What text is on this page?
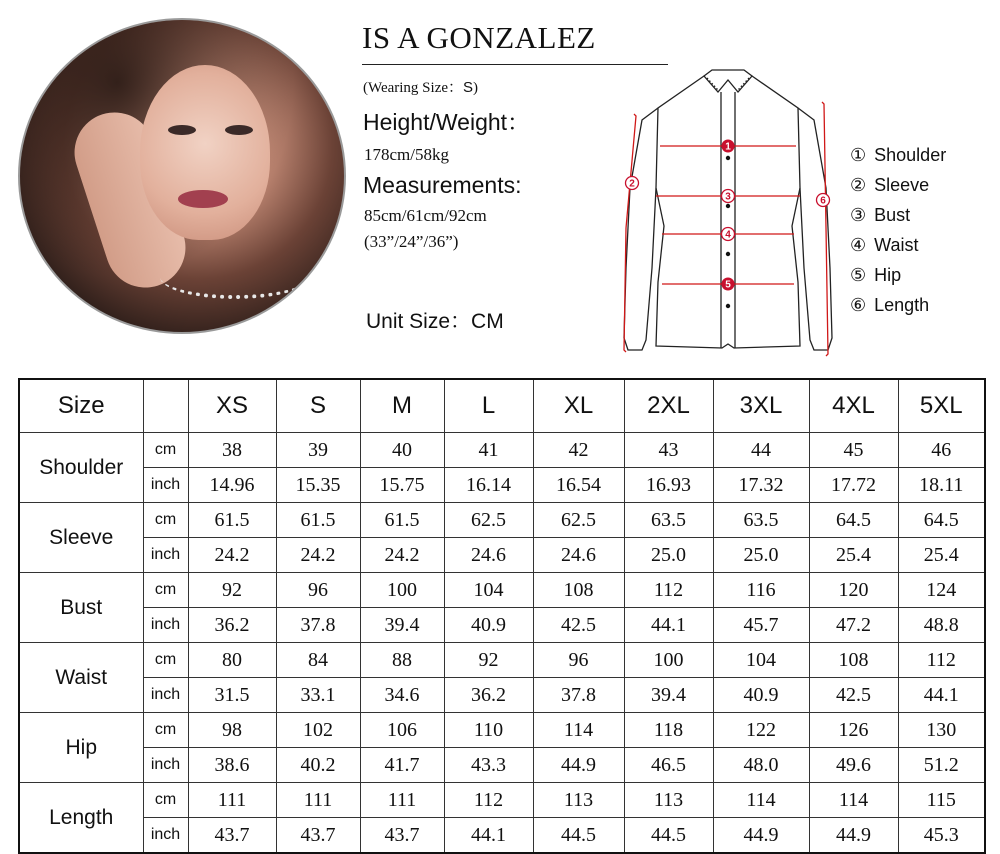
IS A GONZALEZ
(Wearing Size：S)
Height/Weight：
178cm/58kg
Measurements:
85cm/61cm/92cm
(33”/24”/36”)
Unit Size：CM
1
2
3
4
5
6
① Shoulder
② Sleeve
③ Bust
④ Waist
⑤ Hip
⑥ Length
Size		XS	S	M	L	XL	2XL	3XL	4XL	5XL
Shoulder	cm	38	39	40	41	42	43	44	45	46
	inch	14.96	15.35	15.75	16.14	16.54	16.93	17.32	17.72	18.11
Sleeve	cm	61.5	61.5	61.5	62.5	62.5	63.5	63.5	64.5	64.5
	inch	24.2	24.2	24.2	24.6	24.6	25.0	25.0	25.4	25.4
Bust	cm	92	96	100	104	108	112	116	120	124
	inch	36.2	37.8	39.4	40.9	42.5	44.1	45.7	47.2	48.8
Waist	cm	80	84	88	92	96	100	104	108	112
	inch	31.5	33.1	34.6	36.2	37.8	39.4	40.9	42.5	44.1
Hip	cm	98	102	106	110	114	118	122	126	130
	inch	38.6	40.2	41.7	43.3	44.9	46.5	48.0	49.6	51.2
Length	cm	111	111	111	112	113	113	114	114	115
	inch	43.7	43.7	43.7	44.1	44.5	44.5	44.9	44.9	45.3
